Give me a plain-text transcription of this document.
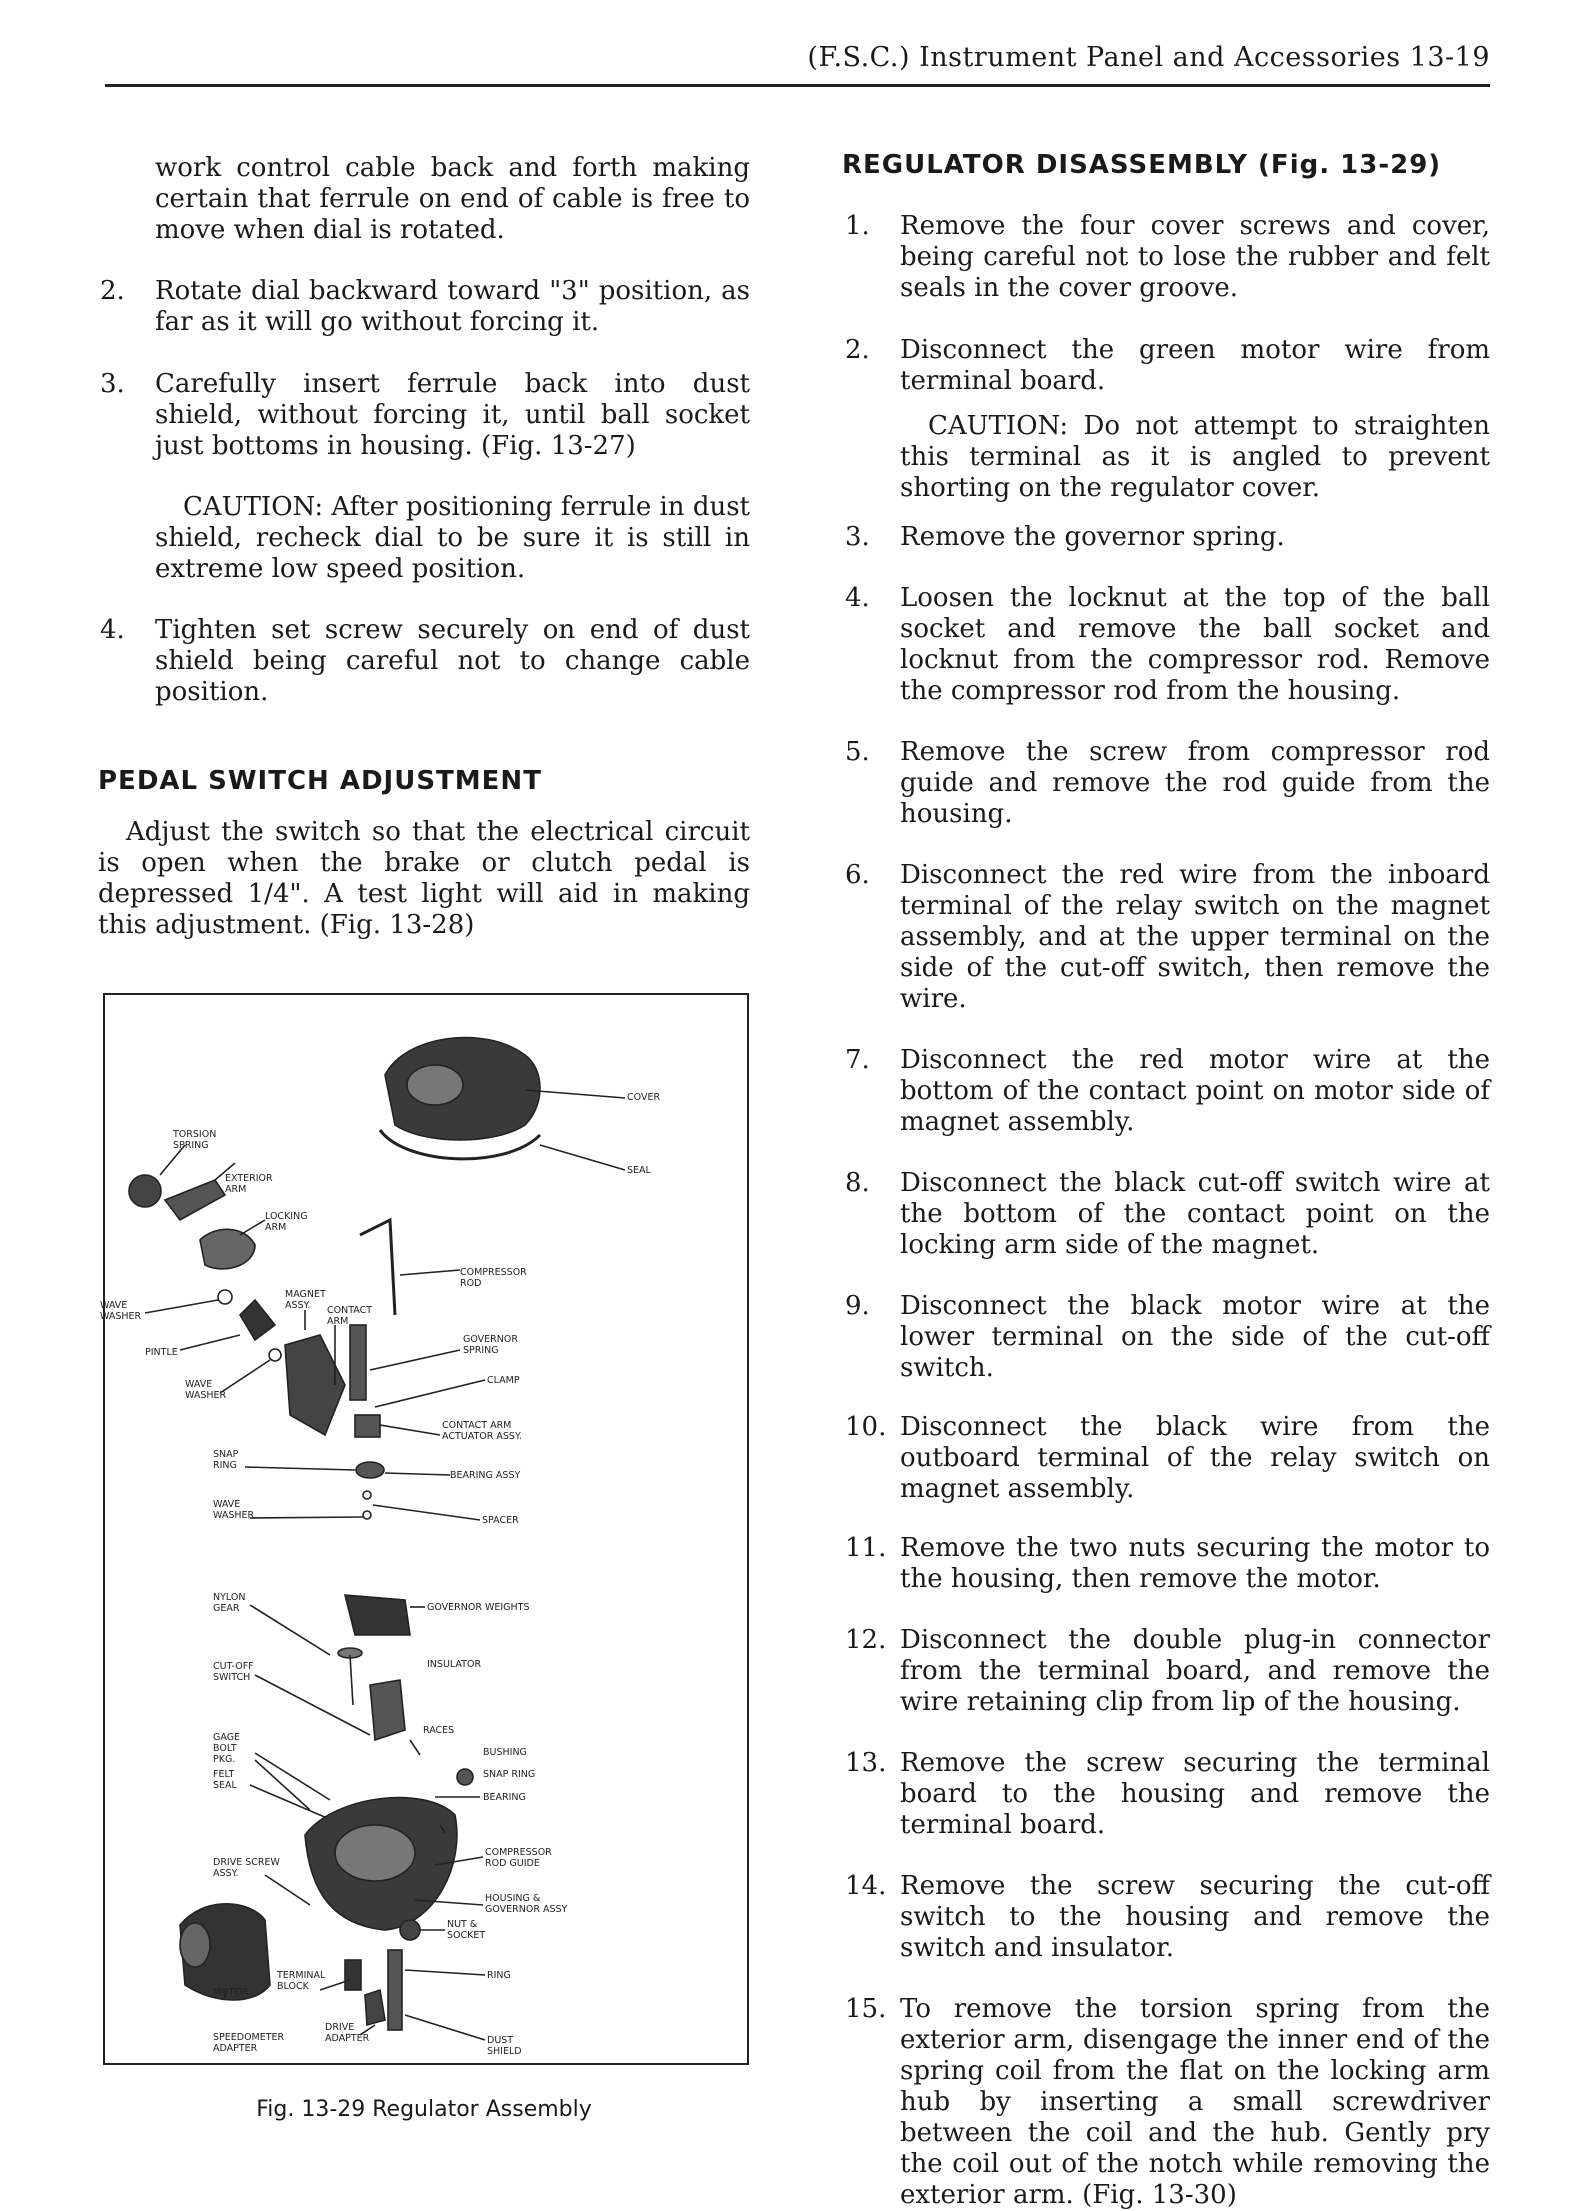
(F.S.C.) Instrument Panel and Accessories 13-19

work control cable back and forth making certain that ferrule on end of cable is free to move when dial is rotated.

2.	Rotate dial backward toward "3" position, as far as it will go without forcing it.
3.	Carefully insert ferrule back into dust shield, without forcing it, until ball socket just bottoms in housing. (Fig. 13-27)

CAUTION: After positioning ferrule in dust shield, recheck dial to be sure it is still in extreme low speed position.

4.	Tighten set screw securely on end of dust shield being careful not to change cable position.
PEDAL SWITCH ADJUSTMENT

Adjust the switch so that the electrical circuit is open when the brake or clutch pedal is depressed 1/4". A test light will aid in making this adjustment. (Fig. 13-28)

COVER
SEAL
TORSION
SPRING
EXTERIOR
ARM
LOCKING
ARM
WAVE
WASHER
MAGNET
ASSY. CONTACT
ARM
COMPRESSOR
ROD
GOVERNOR
SPRING
PINTLE
WAVE
WASHER
CLAMP
SNAP
RING
CONTACT ARM
ACTUATOR ASSY.
BEARING ASSY
WAVE
WASHER	SPACER
NYLON
GEAR	GOVERNOR WEIGHTS
CUT-OFF
SWITCH
INSULATOR
GAGE
BOLT
PKG.
RACES
BUSHING
SNAP RING
BEARING
FELT
SEAL
COMPRESSOR
ROD GUIDE
DRIVE SCREW
ASSY.
HOUSING &
GOVERNOR ASSY
NUT &
SOCKET
TERMINAL
BLOCK
RING
MOTOR
DRIVE
ADAPTER
SPEEDOMETER
ADAPTER
DUST
SHIELD
Fig. 13-29 Regulator Assembly
REGULATOR DISASSEMBLY (Fig. 13-29)
1.	Remove the four cover screws and cover, being careful not to lose the rubber and felt seals in the cover groove.
2.	Disconnect the green motor wire from terminal board.

CAUTION: Do not attempt to straighten this terminal as it is angled to prevent shorting on the regulator cover.

3.	Remove the governor spring.
4.	Loosen the locknut at the top of the ball socket and remove the ball socket and locknut from the compressor rod. Remove the compressor rod from the housing.
5.	Remove the screw from compressor rod guide and remove the rod guide from the housing.
6.	Disconnect the red wire from the inboard terminal of the relay switch on the magnet assembly, and at the upper terminal on the side of the cut-off switch, then remove the wire.
7.	Disconnect the red motor wire at the bottom of the contact point on motor side of magnet assembly.
8.	Disconnect the black cut-off switch wire at the bottom of the contact point on the locking arm side of the magnet.
9.	Disconnect the black motor wire at the lower terminal on the side of the cut-off switch.
10. Disconnect the black wire from the outboard terminal of the relay switch on magnet assembly.
11. Remove the two nuts securing the motor to the housing, then remove the motor.
12. Disconnect the double plug-in connector from the terminal board, and remove the wire retaining clip from lip of the housing.
13. Remove the screw securing the terminal board to the housing and remove the terminal board.
14. Remove the screw securing the cut-off switch to the housing and remove the switch and insulator.
15. To remove the torsion spring from the exterior arm, disengage the inner end of the spring coil from the flat on the locking arm hub by inserting a small screwdriver between the coil and the hub. Gently pry the coil out of the notch while removing the exterior arm. (Fig. 13-30)
